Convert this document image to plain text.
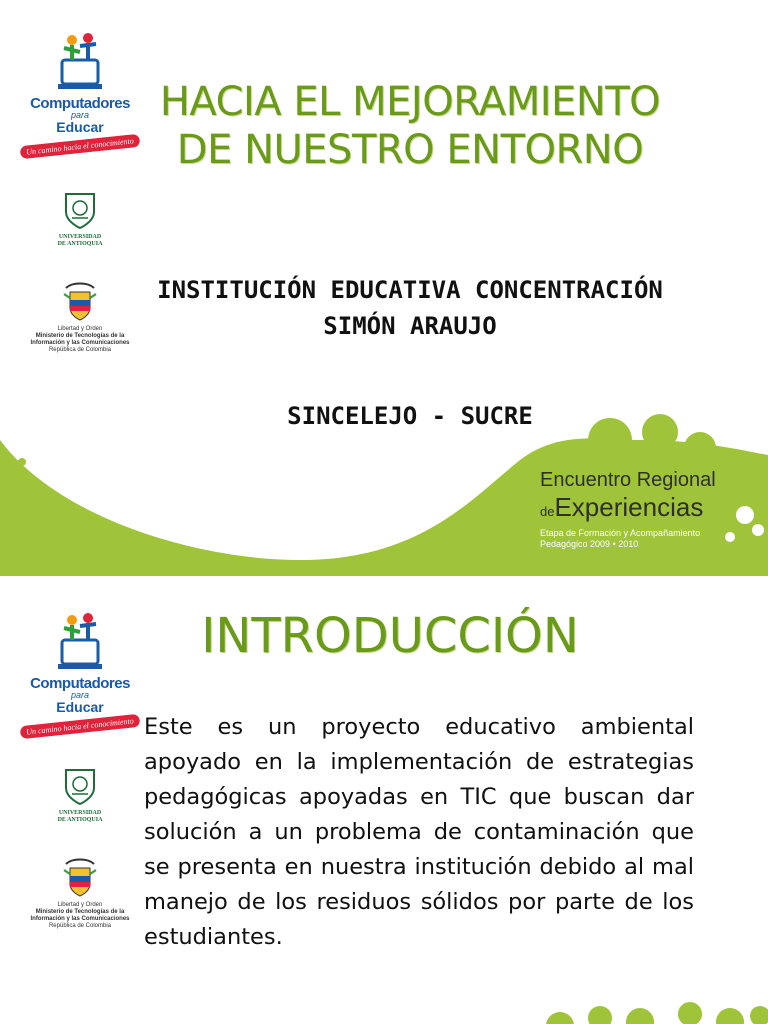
Computadores
para
Educar
Un camino hacia el conocimiento
UNIVERSIDAD
DE ANTIOQUIA
Libertad y Orden
Ministerio de Tecnologías de la
Información y las Comunicaciones
República de Colombia
HACIA EL MEJORAMIENTO DE NUESTRO ENTORNO
INSTITUCIÓN EDUCATIVA CONCENTRACIÓN SIMÓN ARAUJO
SINCELEJO - SUCRE
Encuentro Regional
deExperiencias
Etapa de Formación y Acompañamiento
Pedagógico 2009 • 2010
Computadores
para
Educar
Un camino hacia el conocimiento
UNIVERSIDAD
DE ANTIOQUIA
Libertad y Orden
Ministerio de Tecnologías de la
Información y las Comunicaciones
República de Colombia
INTRODUCCIÓN
Este es un proyecto educativo ambiental apoyado en la implementación de estrategias pedagógicas apoyadas en TIC que buscan dar solución a un problema de contaminación que se presenta en nuestra institución debido al mal manejo de los residuos sólidos por parte de los estudiantes.
